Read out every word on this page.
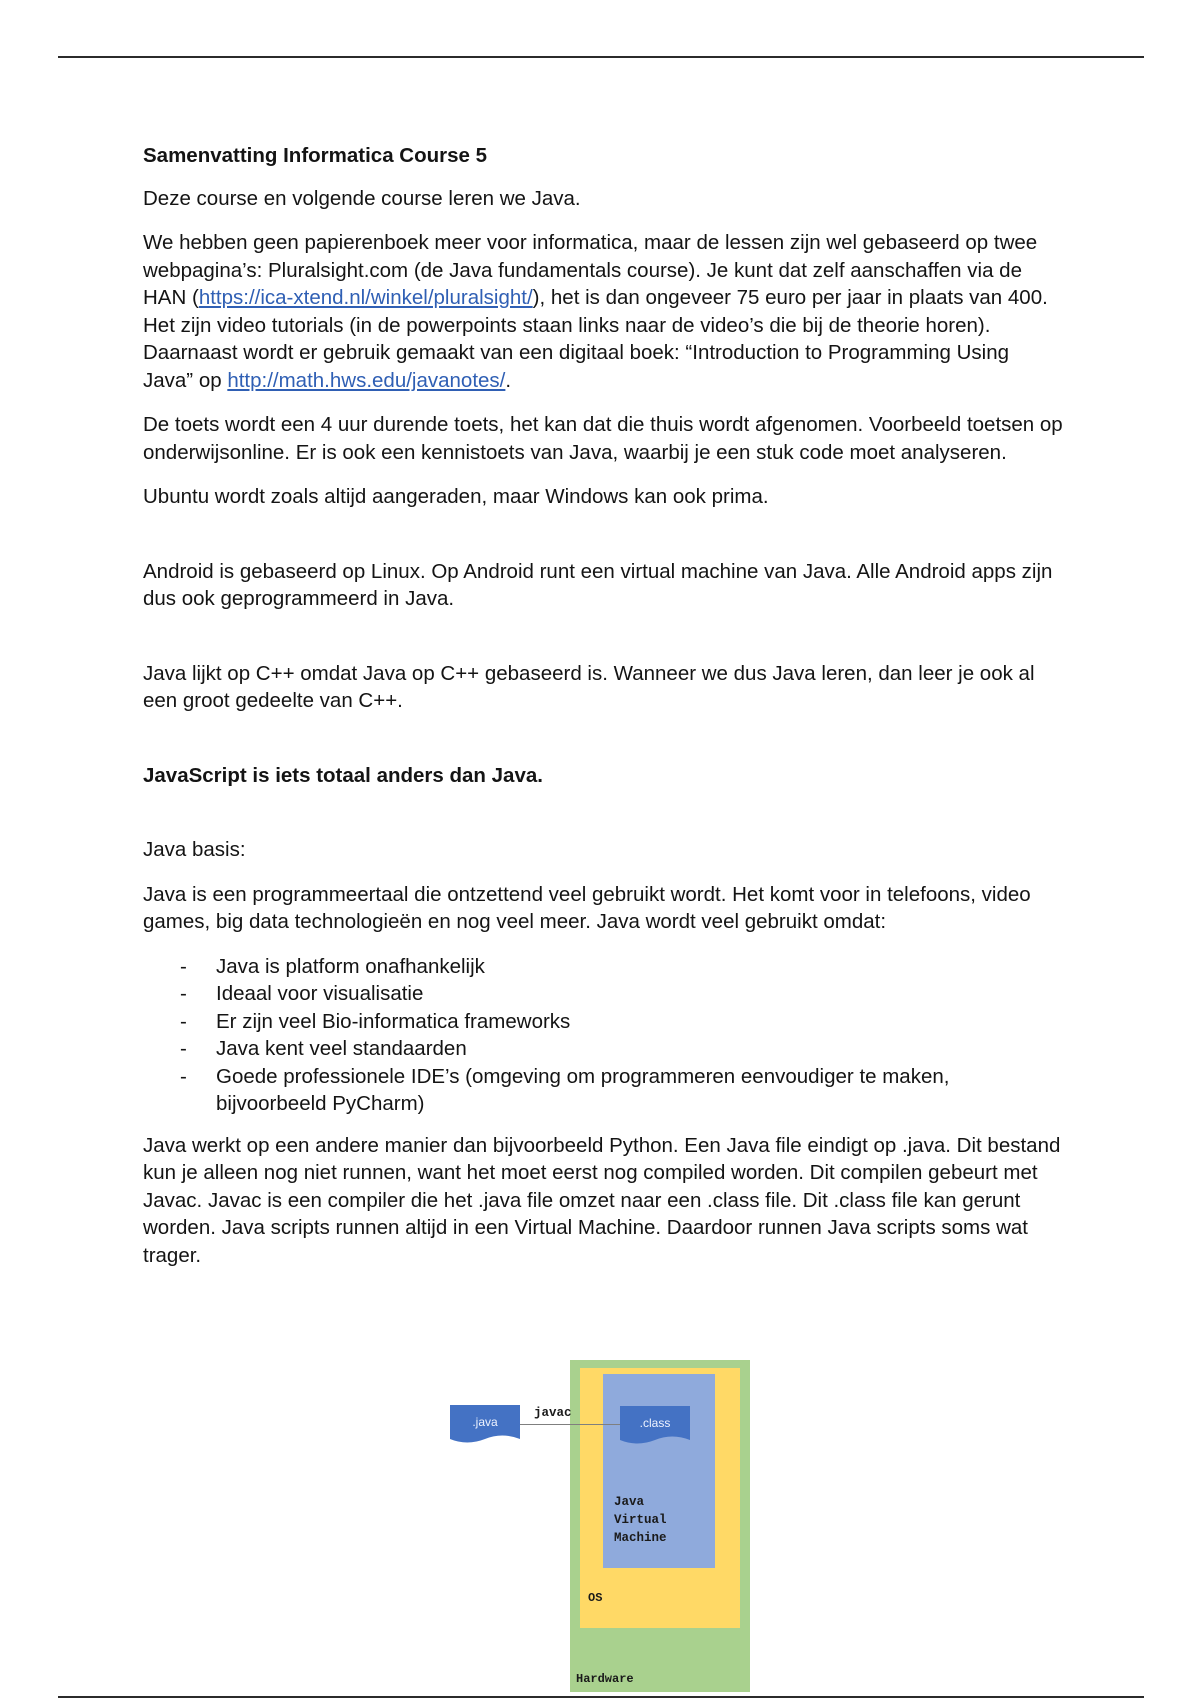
Samenvatting Informatica Course 5

Deze course en volgende course leren we Java.

We hebben geen papierenboek meer voor informatica, maar de lessen zijn wel gebaseerd op twee webpagina’s: Pluralsight.com (de Java fundamentals course). Je kunt dat zelf aanschaffen via de HAN (https://ica-xtend.nl/winkel/pluralsight/), het is dan ongeveer 75 euro per jaar in plaats van 400. Het zijn video tutorials (in de powerpoints staan links naar de video’s die bij de theorie horen). Daarnaast wordt er gebruik gemaakt van een digitaal boek: “Introduction to Programming Using Java” op http://math.hws.edu/javanotes/.

De toets wordt een 4 uur durende toets, het kan dat die thuis wordt afgenomen. Voorbeeld toetsen op onderwijsonline. Er is ook een kennistoets van Java, waarbij je een stuk code moet analyseren.

Ubuntu wordt zoals altijd aangeraden, maar Windows kan ook prima.

Android is gebaseerd op Linux. Op Android runt een virtual machine van Java. Alle Android apps zijn dus ook geprogrammeerd in Java.

Java lijkt op C++ omdat Java op C++ gebaseerd is. Wanneer we dus Java leren, dan leer je ook al een groot gedeelte van C++.

JavaScript is iets totaal anders dan Java.

Java basis:

Java is een programmeertaal die ontzettend veel gebruikt wordt. Het komt voor in telefoons, video games, big data technologieën en nog veel meer. Java wordt veel gebruikt omdat:

- Java is platform onafhankelijk
- Ideaal voor visualisatie
- Er zijn veel Bio-informatica frameworks
- Java kent veel standaarden
- Goede professionele IDE’s (omgeving om programmeren eenvoudiger te maken, bijvoorbeeld PyCharm)

Java werkt op een andere manier dan bijvoorbeeld Python. Een Java file eindigt op .java. Dit bestand kun je alleen nog niet runnen, want het moet eerst nog compiled worden. Dit compilen gebeurt met Javac. Javac is een compiler die het .java file omzet naar een .class file. Dit .class file kan gerunt worden. Java scripts runnen altijd in een Virtual Machine. Daardoor runnen Java scripts soms wat trager.

.java
javac
.class
Java
Virtual
Machine
OS
Hardware
